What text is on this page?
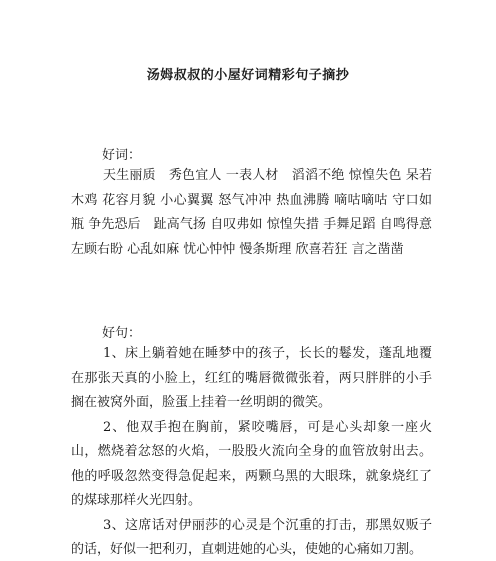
汤姆叔叔的小屋好词精彩句子摘抄
好词：
天生丽质　秀色宜人 一表人材　滔滔不绝 惊惶失色 呆若木鸡 花容月貌 小心翼翼 怒气冲冲 热血沸腾 嘀咕嘀咕 守口如瓶 争先恐后　趾高气扬 自叹弗如 惊惶失措 手舞足蹈 自鸣得意 左顾右盼 心乱如麻 忧心忡忡 慢条斯理 欣喜若狂 言之凿凿
好句：

1、床上躺着她在睡梦中的孩子，长长的鬈发，蓬乱地覆在那张天真的小脸上，红红的嘴唇微微张着，两只胖胖的小手搁在被窝外面，脸蛋上挂着一丝明朗的微笑。

2、他双手抱在胸前，紧咬嘴唇，可是心头却象一座火山，燃烧着忿怒的火焰，一股股火流向全身的血管放射出去。他的呼吸忽然变得急促起来，两颗乌黑的大眼珠，就象烧红了的煤球那样火光四射。

3、这席话对伊丽莎的心灵是个沉重的打击，那黑奴贩子的话，好似一把利刃，直刺进她的心头，使她的心痛如刀割。
